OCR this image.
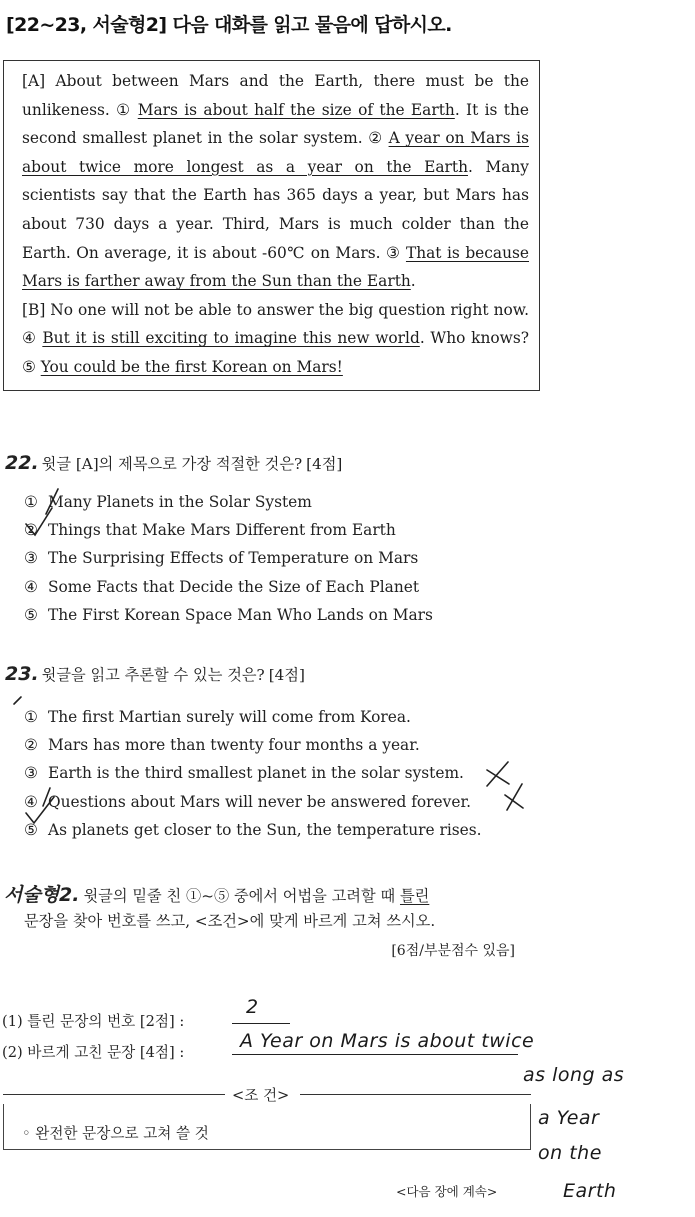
[22~23, 서술형2] 다음 대화를 읽고 물음에 답하시오.

[A] About between Mars and the Earth, there must be the unlikeness. ① Mars is about half the size of the Earth. It is the second smallest planet in the solar system. ② A year on Mars is about twice more longest as a year on the Earth. Many scientists say that the Earth has 365 days a year, but Mars has about 730 days a year. Third, Mars is much colder than the Earth. On average, it is about -60℃ on Mars. ③ That is because Mars is farther away from the Sun than the Earth.

[B] No one will not be able to answer the big question right now. ④ But it is still exciting to imagine this new world. Who knows? ⑤ You could be the first Korean on Mars!

22. 윗글 [A]의 제목으로 가장 적절한 것은? [4점]
① Many Planets in the Solar System
② Things that Make Mars Different from Earth
③ The Surprising Effects of Temperature on Mars
④ Some Facts that Decide the Size of Each Planet
⑤ The First Korean Space Man Who Lands on Mars
23. 윗글을 읽고 추론할 수 있는 것은? [4점]
① The first Martian surely will come from Korea.
② Mars has more than twenty four months a year.
③ Earth is the third smallest planet in the solar system.
④ Questions about Mars will never be answered forever.
⑤ As planets get closer to the Sun, the temperature rises.
서술형2. 윗글의 밑줄 친 ①~⑤ 중에서 어법을 고려할 때 틀린
문장을 찾아 번호를 쓰고, <조건>에 맞게 바르게 고쳐 쓰시오.
[6점/부분점수 있음]
(1) 틀린 문장의 번호 [2점] :
2
(2) 바르게 고친 문장 [4점] :
A Year on Mars is about twice
as long as
a Year
on the
Earth
<조 건>
◦ 완전한 문장으로 고쳐 쓸 것
<다음 장에 계속>
